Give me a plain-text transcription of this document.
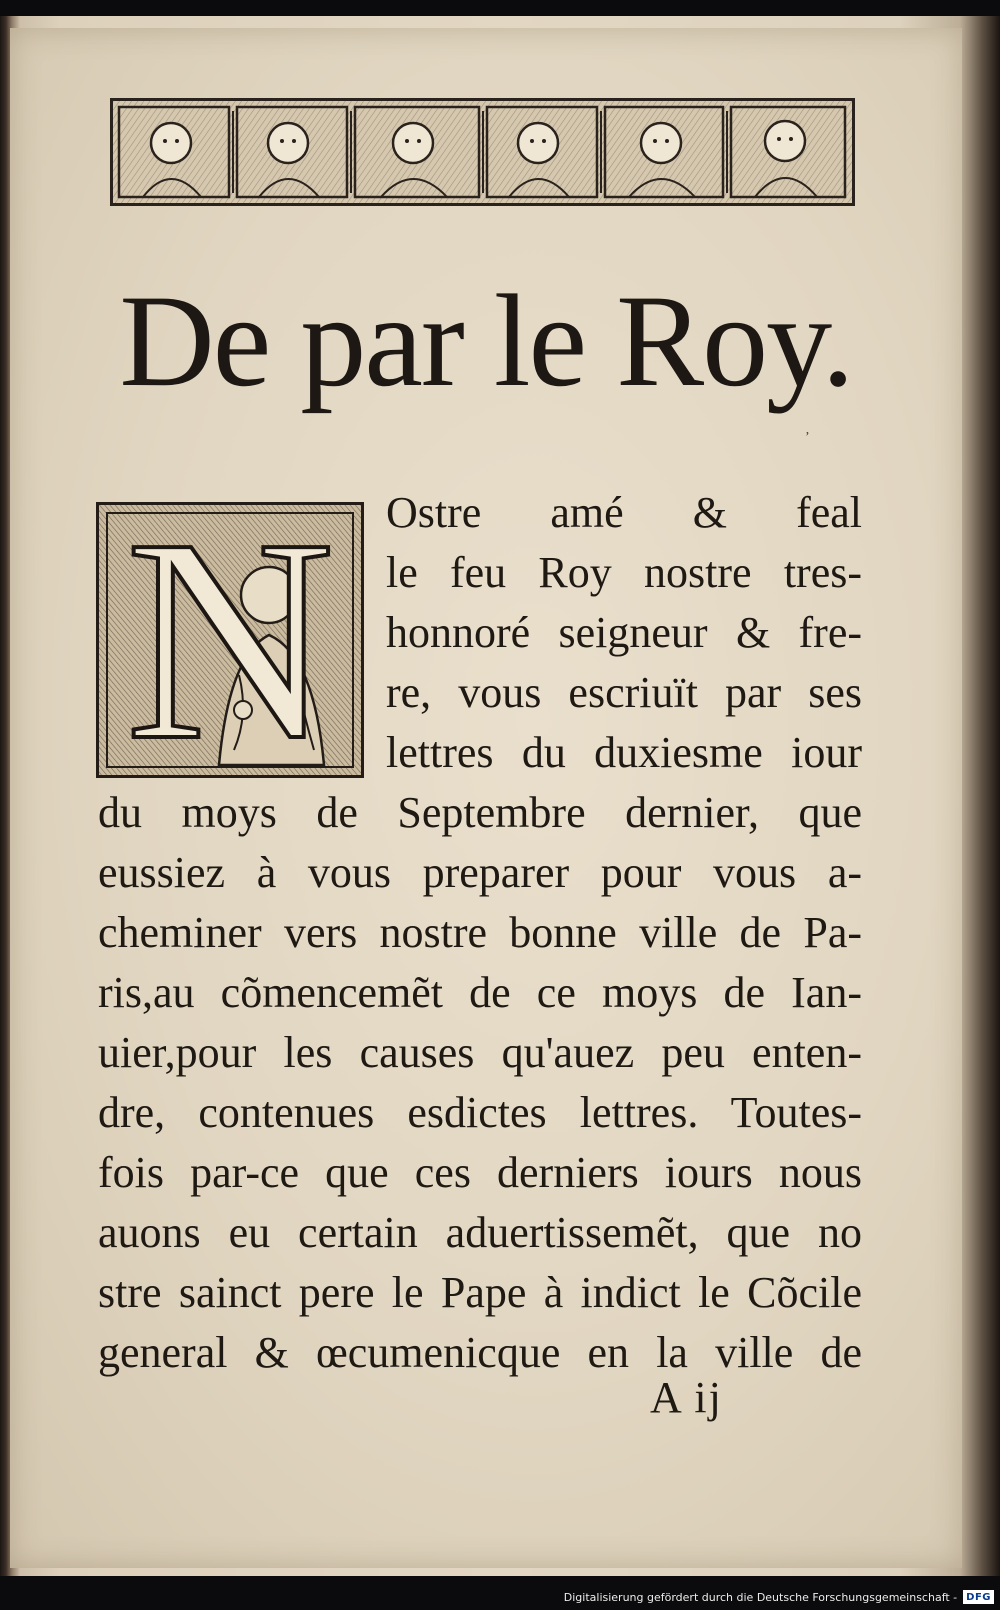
De par le Roy.
ʼ
N	Ostre amé & feal
le feu Roy nostre tres-
honnoré seigneur & fre-
re, vous escriuït par ses
lettres du duxiesme iour
du moys de Septembre dernier, que
eussiez à vous preparer pour vous a-
cheminer vers nostre bonne ville de Pa-
ris,au cõmencemẽt de ce moys de Ian-
uier,pour les causes qu'auez peu enten-
dre, contenues esdictes lettres. Toutes-
fois par-ce que ces derniers iours nous
auons eu certain aduertissemẽt, que no
stre sainct pere le Pape à indict le Cõcile
general & œcumenicque en la ville de
A ij
Digitalisierung gefördert durch die Deutsche Forschungsgemeinschaft - DFG
